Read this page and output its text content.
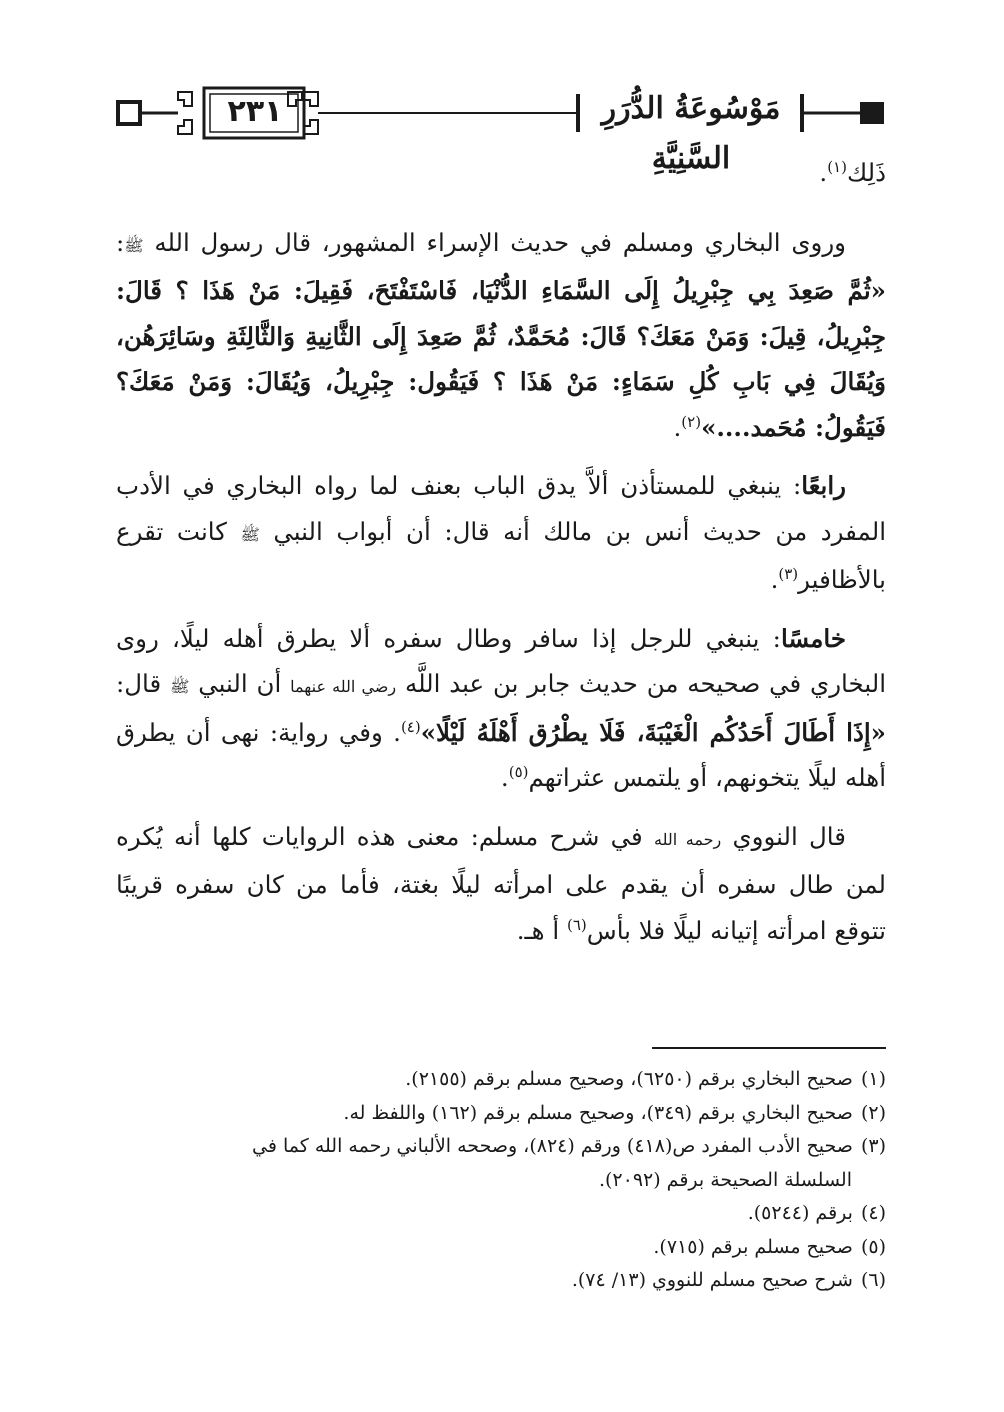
٢٣١	مَوْسُوعَةُ الدُّرَرِ السَّنِيَّةِ	ذَلِك$^{(١)}$.

وروى البخاري ومسلم في حديث الإسراء المشهور، قال رسول الله ﷺ: «ثُمَّ صَعِدَ بِي جِبْرِيلُ إِلَى السَّمَاءِ الدُّنْيَا، فَاسْتَفْتَحَ، فَقِيلَ: مَنْ هَذَا ؟ قَالَ: جِبْرِيلُ، قِيلَ: وَمَنْ مَعَكَ؟ قَالَ: مُحَمَّدٌ، ثُمَّ صَعِدَ إِلَى الثَّانِيةِ وَالثَّالِثَةِ وسَائِرَهُن، وَيُقَالَ فِي بَابِ كُلِ سَمَاءٍ: مَنْ هَذَا ؟ فَيَقُول: جِبْرِيلُ، وَيُقَالَ: وَمَنْ مَعَكَ؟ فَيَقُولُ: مُحَمد....»$^{(٢)}$.

رابعًا: ينبغي للمستأذن ألاَّ يدق الباب بعنف لما رواه البخاري في الأدب المفرد من حديث أنس بن مالك أنه قال: أن أبواب النبي ﷺ كانت تقرع بالأظافير$^{(٣)}$.

خامسًا: ينبغي للرجل إذا سافر وطال سفره ألا يطرق أهله ليلًا، روى البخاري في صحيحه من حديث جابر بن عبد اللَّه رضي الله عنهما أن النبي ﷺ قال: «إِذَا أَطَالَ أَحَدُكُم الْغَيْبَةَ، فَلَا يطْرُق أَهْلَهُ لَيْلًا»$^{(٤)}$. وفي رواية: نهى أن يطرق أهله ليلًا يتخونهم، أو يلتمس عثراتهم$^{(٥)}$.

قال النووي رحمه الله في شرح مسلم: معنى هذه الروايات كلها أنه يُكره لمن طال سفره أن يقدم على امرأته ليلًا بغتة، فأما من كان سفره قريبًا تتوقع امرأته إتيانه ليلًا فلا بأس$^{(٦)}$ أ هـ.

(١)صحيح البخاري برقم (٦٢٥٠)، وصحيح مسلم برقم (٢١٥٥).

(٢)صحيح البخاري برقم (٣٤٩)، وصحيح مسلم برقم (١٦٢) واللفظ له.

(٣)صحيح الأدب المفرد ص(٤١٨) ورقم (٨٢٤)، وصححه الألباني رحمه الله كما في

السلسلة الصحيحة برقم (٢٠٩٢).

(٤)برقم (٥٢٤٤).

(٥)صحيح مسلم برقم (٧١٥).

(٦)شرح صحيح مسلم للنووي (١٣/ ٧٤).
